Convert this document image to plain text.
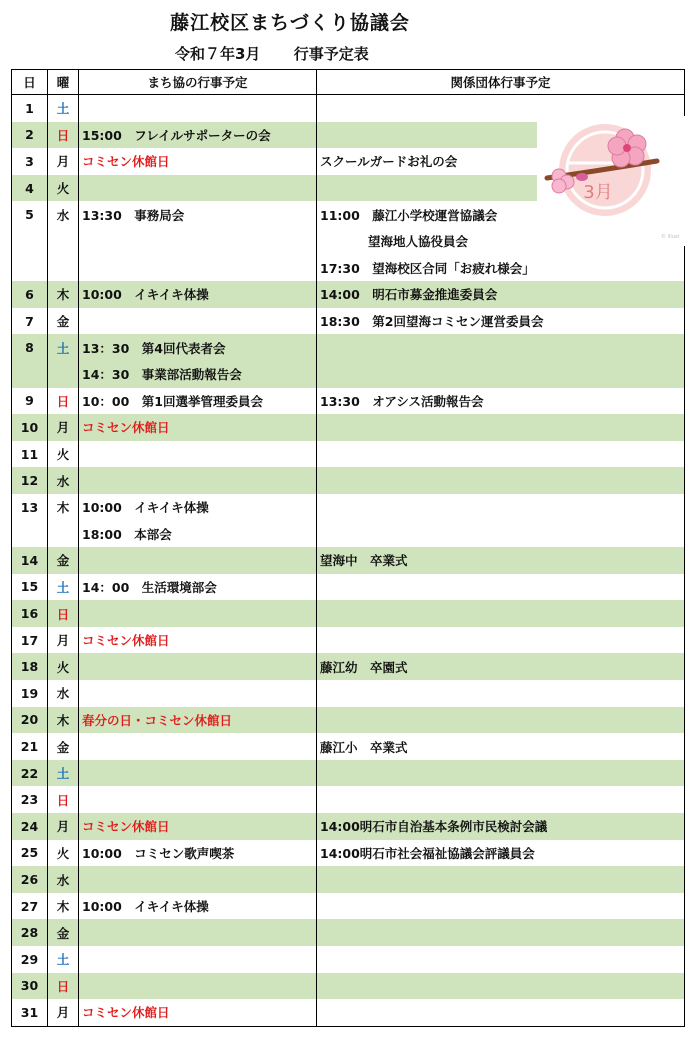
藤江校区まちづくり協議会
令和７年3月 行事予定表
日	曜	まち協の行事予定	関係団体行事予定
1	土		
2	日	15:00　フレイルサポーターの会	
3	月	コミセン休館日	スクールガードお礼の会
4	火		
5	水	13:30　事務局会	11:00　藤江小学校運営協議会
			望海地人協役員会
			17:30　望海校区合同「お疲れ様会」
6	木	10:00　イキイキ体操	14:00　明石市募金推進委員会
7	金		18:30　第2回望海コミセン運営委員会
8	土	13：30　第4回代表者会	
		14：30　事業部活動報告会	
9	日	10：00　第1回選挙管理委員会	13:30　オアシス活動報告会
10	月	コミセン休館日	
11	火		
12	水		
13	木	10:00　イキイキ体操	
		18:00　本部会	
14	金		望海中　卒業式
15	土	14：00　生活環境部会	
16	日		
17	月	コミセン休館日	
18	火		藤江幼　卒園式
19	水		
20	木	春分の日・コミセン休館日	
21	金		藤江小　卒業式
22	土		
23	日		
24	月	コミセン休館日	14:00明石市自治基本条例市民検討会議
25	火	10:00　コミセン歌声喫茶	14:00明石市社会福祉協議会評議員会
26	水		
27	木	10:00　イキイキ体操	
28	金		
29	土		
30	日		
31	月	コミセン休館日	
3月
© illust
